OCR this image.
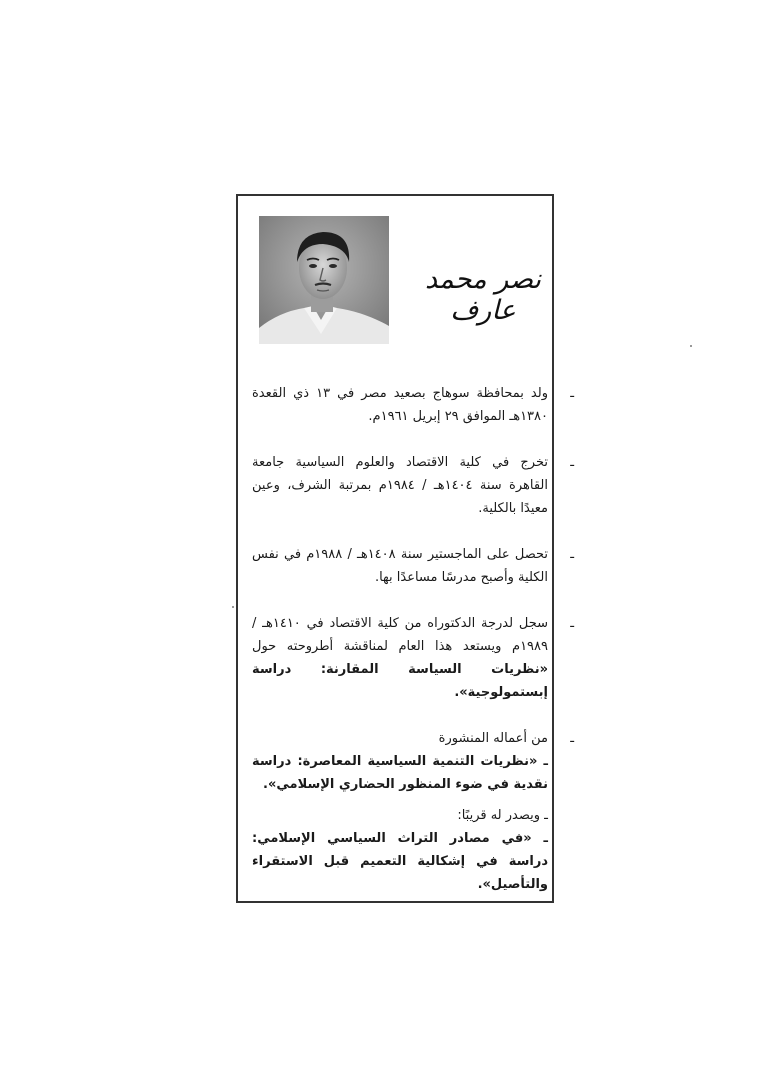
نصر محمد عارف
ـ
ولد بمحافظة سوهاج بصعيد مصر في ١٣ ذي القعدة ١٣٨٠هـ الموافق ٢٩ إبريل ١٩٦١م.
ـ
تخرج في كلية الاقتصاد والعلوم السياسية جامعة القاهرة سنة ١٤٠٤هـ / ١٩٨٤م بمرتبة الشرف، وعين معيدًا بالكلية.
ـ
تحصل على الماجستير سنة ١٤٠٨هـ / ١٩٨٨م في نفس الكلية وأصبح مدرسًا مساعدًا بها.
ـ
سجل لدرجة الدكتوراه من كلية الاقتصاد في ١٤١٠هـ / ١٩٨٩م ويستعد هذا العام لمناقشة أطروحته حول «نظريات السياسة المقارنة: دراسة إبستمولوجية».
ـ
من أعماله المنشورة
ـ «نظريات التنمية السياسية المعاصرة: دراسة نقدية في ضوء المنظور الحضاري الإسلامي».
ـ ويصدر له قريبًا:
ـ «في مصادر التراث السياسي الإسلامي: دراسة في إشكالية التعميم قبل الاستقراء والتأصيل».
